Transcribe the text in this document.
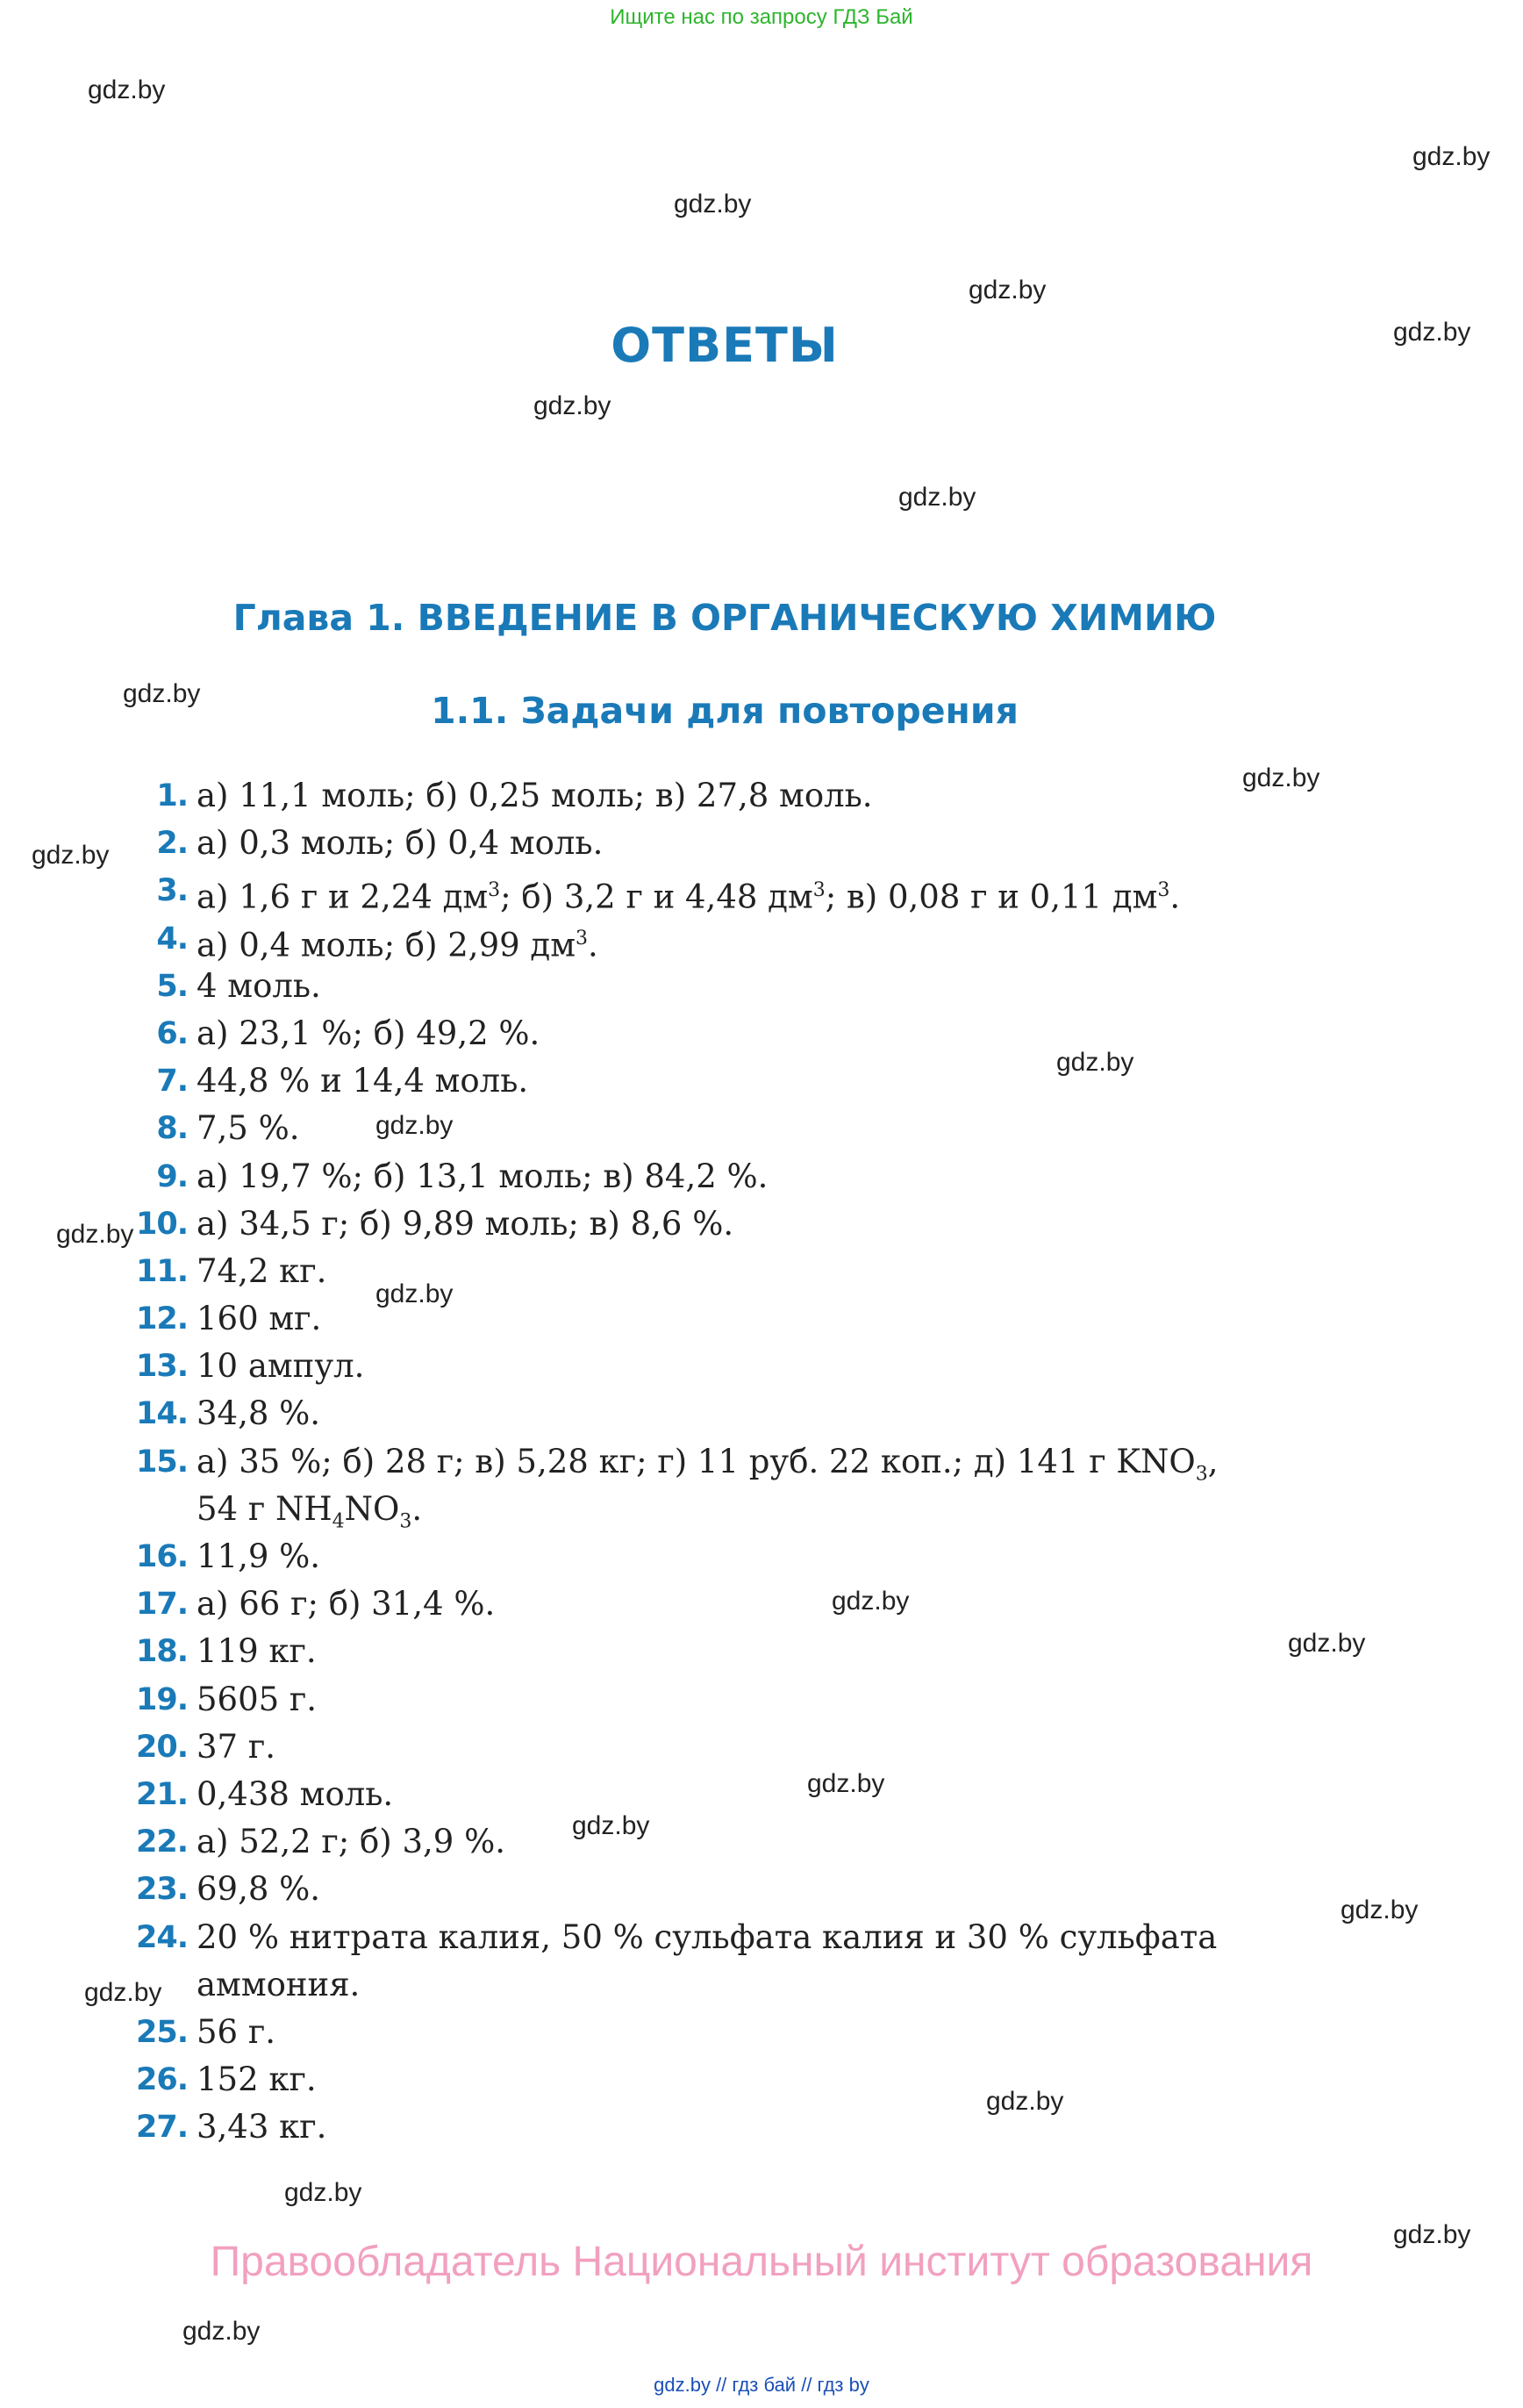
Ищите нас по запросу ГДЗ Бай
gdz.by
gdz.by
gdz.by
gdz.by
gdz.by
gdz.by
gdz.by
gdz.by
gdz.by
gdz.by
gdz.by
gdz.by
gdz.by
gdz.by
gdz.by
gdz.by
gdz.by
gdz.by
gdz.by
gdz.by
gdz.by
gdz.by
gdz.by
gdz.by
ОТВЕТЫ
Глава 1. ВВЕДЕНИЕ В ОРГАНИЧЕСКУЮ ХИМИЮ
1.1. Задачи для повторения
1. а) 11,1 моль; б) 0,25 моль; в) 27,8 моль.
2. а) 0,3 моль; б) 0,4 моль.
3. а) 1,6 г и 2,24 $дм^3$; б) 3,2 г и 4,48 $дм^3$; в) 0,08 г и 0,11 $дм^3$.
4. а) 0,4 моль; б) 2,99 $дм^3$.
5. 4 моль.
6. а) 23,1 %; б) 49,2 %.
7. 44,8 % и 14,4 моль.
8. 7,5 %.
9. а) 19,7 %; б) 13,1 моль; в) 84,2 %.
10. а) 34,5 г; б) 9,89 моль; в) 8,6 %.
11. 74,2 кг.
12. 160 мг.
13. 10 ампул.
14. 34,8 %.
15. а) 35 %; б) 28 г; в) 5,28 кг; г) 11 руб. 22 коп.; д) 141 г $KNO_3$,
54 г $NH_4NO_3$.
16. 11,9 %.
17. а) 66 г; б) 31,4 %.
18. 119 кг.
19. 5605 г.
20. 37 г.
21. 0,438 моль.
22. а) 52,2 г; б) 3,9 %.
23. 69,8 %.
24. 20 % нитрата калия, 50 % сульфата калия и 30 % сульфата
аммония.
25. 56 г.
26. 152 кг.
27. 3,43 кг.
Правообладатель Национальный институт образования
gdz.by // гдз бай // гдз by
